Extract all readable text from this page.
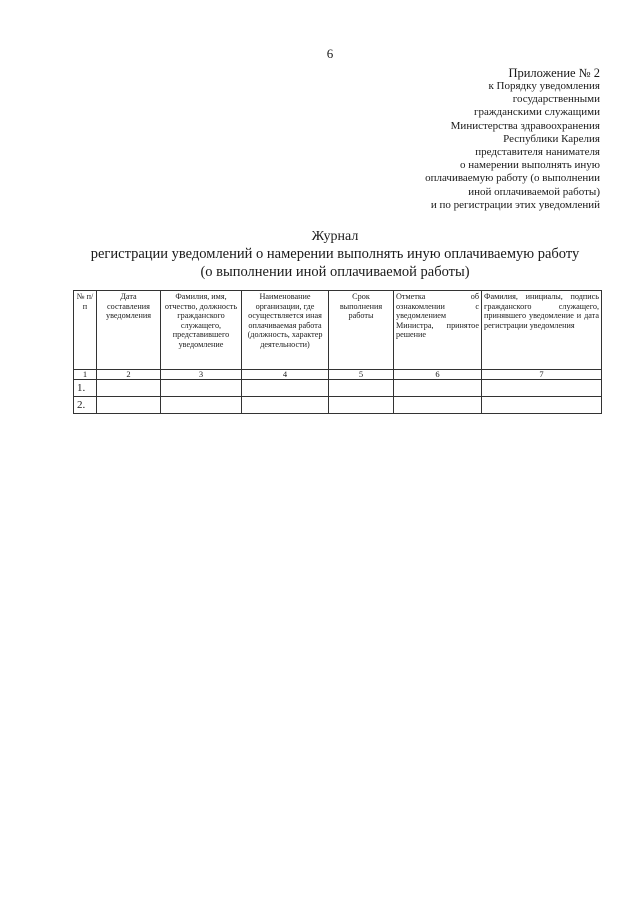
6
Приложение № 2
к Порядку уведомления
государственными
гражданскими служащими
Министерства здравоохранения
Республики Карелия
представителя нанимателя
о намерении выполнять иную
оплачиваемую работу (о выполнении
иной оплачиваемой работы)
и по регистрации этих уведомлений
Журнал
регистрации уведомлений о намерении выполнять иную оплачиваемую работу
(о выполнении иной оплачиваемой работы)
№ п/п	Дата составления уведомления	Фамилия, имя, отчество, должность гражданского служащего, представившего уведомление	Наименование организации, где осуществляется иная оплачиваемая работа (должность, характер деятельности)	Срок выполнения работы	Отметка об ознакомлении с уведомлением Министра, принятое решение	Фамилия, инициалы, подпись гражданского служащего, принявшего уведомление и дата регистрации уведомления
1	2	3	4	5	6	7
1.						
2.						
